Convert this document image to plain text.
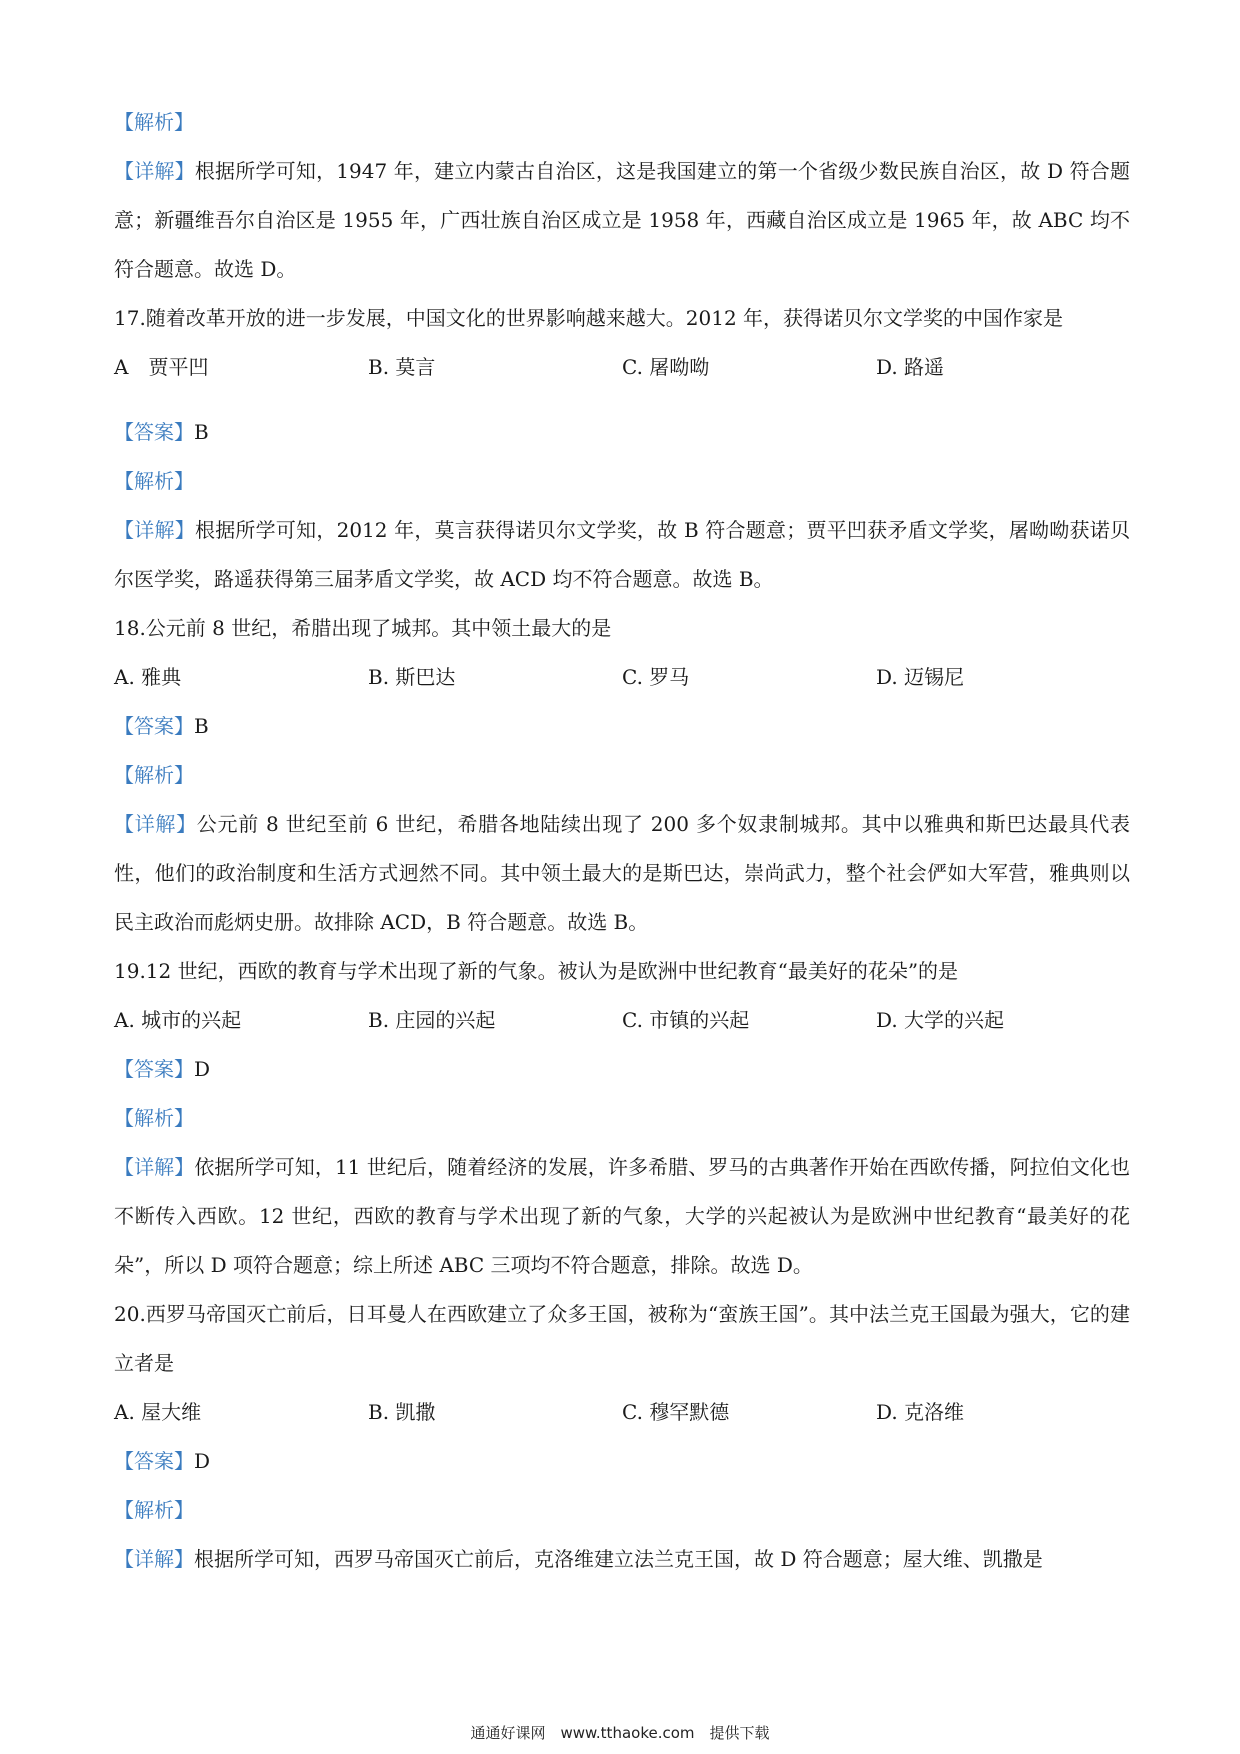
【解析】
【详解】根据所学可知，1947 年，建立内蒙古自治区，这是我国建立的第一个省级少数民族自治区，故 D 符合题意；新疆维吾尔自治区是 1955 年，广西壮族自治区成立是 1958 年，西藏自治区成立是 1965 年，故 ABC 均不符合题意。故选 D。
17.随着改革开放的进一步发展，中国文化的世界影响越来越大。2012 年，获得诺贝尔文学奖的中国作家是
A　贾平凹	B. 莫言	C. 屠呦呦	D. 路遥
【答案】B
【解析】
【详解】根据所学可知，2012 年，莫言获得诺贝尔文学奖，故 B 符合题意；贾平凹获矛盾文学奖，屠呦呦获诺贝尔医学奖，路遥获得第三届茅盾文学奖，故 ACD 均不符合题意。故选 B。
18.公元前 8 世纪，希腊出现了城邦。其中领土最大的是
A. 雅典	B. 斯巴达	C. 罗马	D. 迈锡尼
【答案】B
【解析】
【详解】公元前 8 世纪至前 6 世纪，希腊各地陆续出现了 200 多个奴隶制城邦。其中以雅典和斯巴达最具代表性，他们的政治制度和生活方式迥然不同。其中领土最大的是斯巴达，崇尚武力，整个社会俨如大军营，雅典则以民主政治而彪炳史册。故排除 ACD，B 符合题意。故选 B。
19.12 世纪，西欧的教育与学术出现了新的气象。被认为是欧洲中世纪教育“最美好的花朵”的是
A. 城市的兴起	B. 庄园的兴起	C. 市镇的兴起	D. 大学的兴起
【答案】D
【解析】
【详解】依据所学可知，11 世纪后，随着经济的发展，许多希腊、罗马的古典著作开始在西欧传播，阿拉伯文化也不断传入西欧。12 世纪，西欧的教育与学术出现了新的气象，大学的兴起被认为是欧洲中世纪教育“最美好的花朵”，所以 D 项符合题意；综上所述 ABC 三项均不符合题意，排除。故选 D。
20.西罗马帝国灭亡前后，日耳曼人在西欧建立了众多王国，被称为“蛮族王国”。其中法兰克王国最为强大，它的建立者是
A. 屋大维	B. 凯撒	C. 穆罕默德	D. 克洛维
【答案】D
【解析】
【详解】根据所学可知，西罗马帝国灭亡前后，克洛维建立法兰克王国，故 D 符合题意；屋大维、凯撒是
通通好课网　www.tthaoke.com　提供下载
